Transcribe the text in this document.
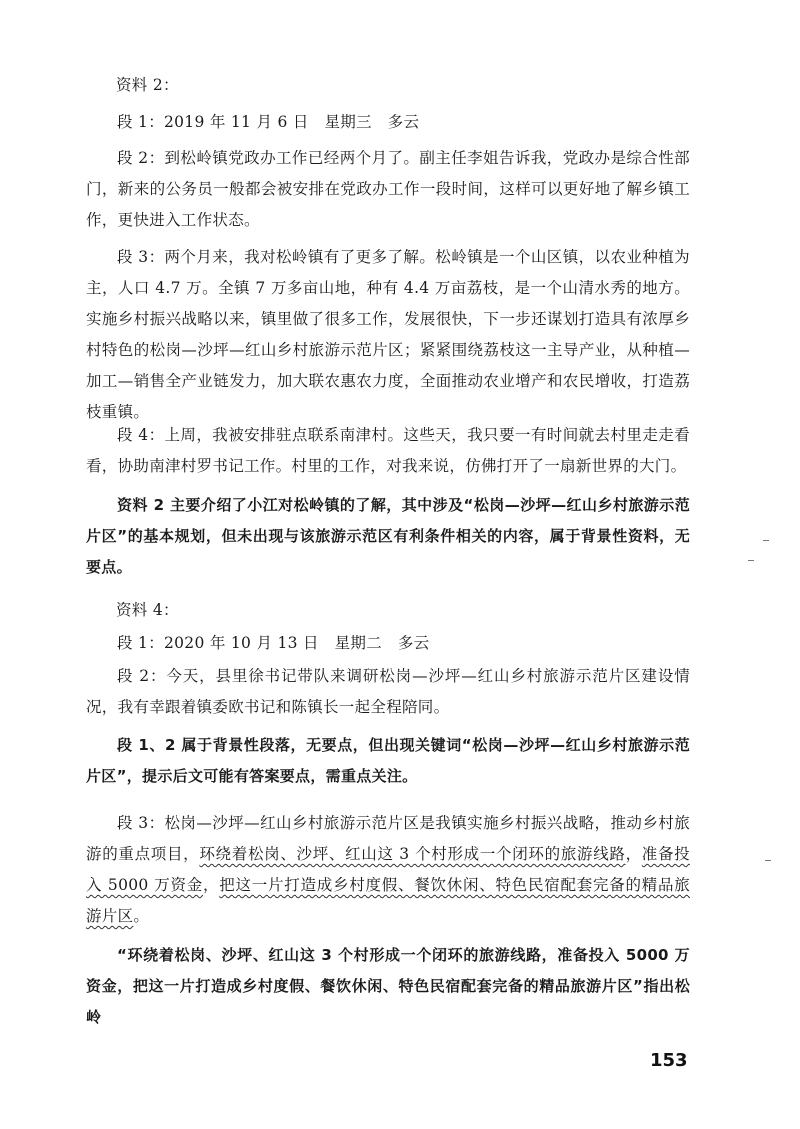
资料 2：

段 1：2019 年 11 月 6 日　星期三　多云

段 2：到松岭镇党政办工作已经两个月了。副主任李姐告诉我，党政办是综合性部门，新来的公务员一般都会被安排在党政办工作一段时间，这样可以更好地了解乡镇工作，更快进入工作状态。

段 3：两个月来，我对松岭镇有了更多了解。松岭镇是一个山区镇，以农业种植为主，人口 4.7 万。全镇 7 万多亩山地，种有 4.4 万亩荔枝，是一个山清水秀的地方。实施乡村振兴战略以来，镇里做了很多工作，发展很快，下一步还谋划打造具有浓厚乡村特色的松岗—沙坪—红山乡村旅游示范片区；紧紧围绕荔枝这一主导产业，从种植—加工—销售全产业链发力，加大联农惠农力度，全面推动农业增产和农民增收，打造荔枝重镇。

段 4：上周，我被安排驻点联系南津村。这些天，我只要一有时间就去村里走走看看，协助南津村罗书记工作。村里的工作，对我来说，仿佛打开了一扇新世界的大门。

资料 2 主要介绍了小江对松岭镇的了解，其中涉及“松岗—沙坪—红山乡村旅游示范片区”的基本规划，但未出现与该旅游示范区有利条件相关的内容，属于背景性资料，无要点。

资料 4：

段 1：2020 年 10 月 13 日　星期二　多云

段 2：今天，县里徐书记带队来调研松岗—沙坪—红山乡村旅游示范片区建设情况，我有幸跟着镇委欧书记和陈镇长一起全程陪同。

段 1、2 属于背景性段落，无要点，但出现关键词“松岗—沙坪—红山乡村旅游示范片区”，提示后文可能有答案要点，需重点关注。

段 3：松岗—沙坪—红山乡村旅游示范片区是我镇实施乡村振兴战略，推动乡村旅游的重点项目，环绕着松岗、沙坪、红山这 3 个村形成一个闭环的旅游线路，准备投入 5000 万资金，把这一片打造成乡村度假、餐饮休闲、特色民宿配套完备的精品旅游片区。

“环绕着松岗、沙坪、红山这 3 个村形成一个闭环的旅游线路，准备投入 5000 万资金，把这一片打造成乡村度假、餐饮休闲、特色民宿配套完备的精品旅游片区”指出松岭

153
